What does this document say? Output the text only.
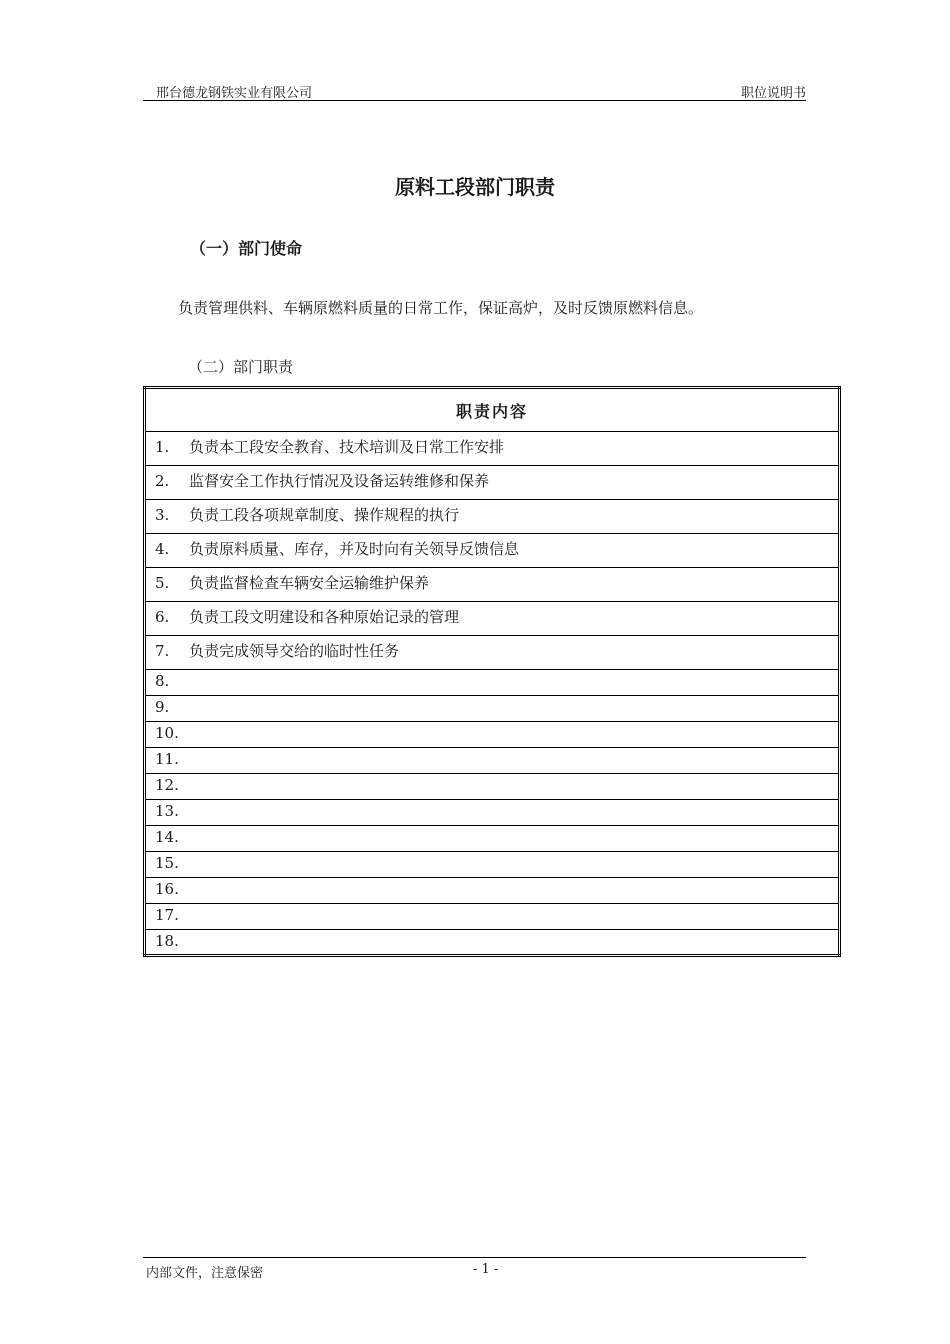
邢台德龙钢铁实业有限公司	职位说明书
原料工段部门职责
（一）部门使命
负责管理供料、车辆原燃料质量的日常工作，保证高炉，及时反馈原燃料信息。
（二）部门职责
职责内容
1. 负责本工段安全教育、技术培训及日常工作安排
2. 监督安全工作执行情况及设备运转维修和保养
3. 负责工段各项规章制度、操作规程的执行
4. 负责原料质量、库存，并及时向有关领导反馈信息
5. 负责监督检查车辆安全运输维护保养
6. 负责工段文明建设和各种原始记录的管理
7. 负责完成领导交给的临时性任务
8.
9.
10.
11.
12.
13.
14.
15.
16.
17.
18.
内部文件，注意保密	- 1 -
